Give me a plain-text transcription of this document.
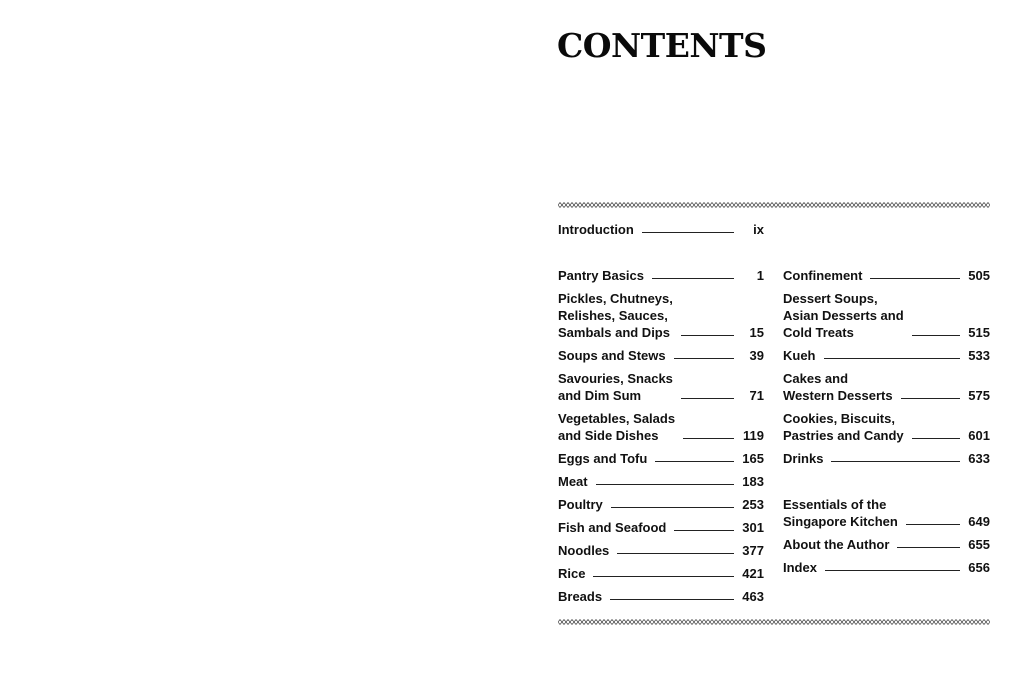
CONTENTS
Introduction	ix
Pantry Basics	1
Pickles, Chutneys,
Relishes, Sauces,
Sambals and Dips	15
Soups and Stews	39
Savouries, Snacks
and Dim Sum	71
Vegetables, Salads
and Side Dishes	119
Eggs and Tofu	165
Meat	183
Poultry	253
Fish and Seafood	301
Noodles	377
Rice	421
Breads	463
Confinement	505
Dessert Soups,
Asian Desserts and
Cold Treats	515
Kueh	533
Cakes and
Western Desserts	575
Cookies, Biscuits,
Pastries and Candy	601
Drinks	633
Essentials of the
Singapore Kitchen	649
About the Author	655
Index	656
